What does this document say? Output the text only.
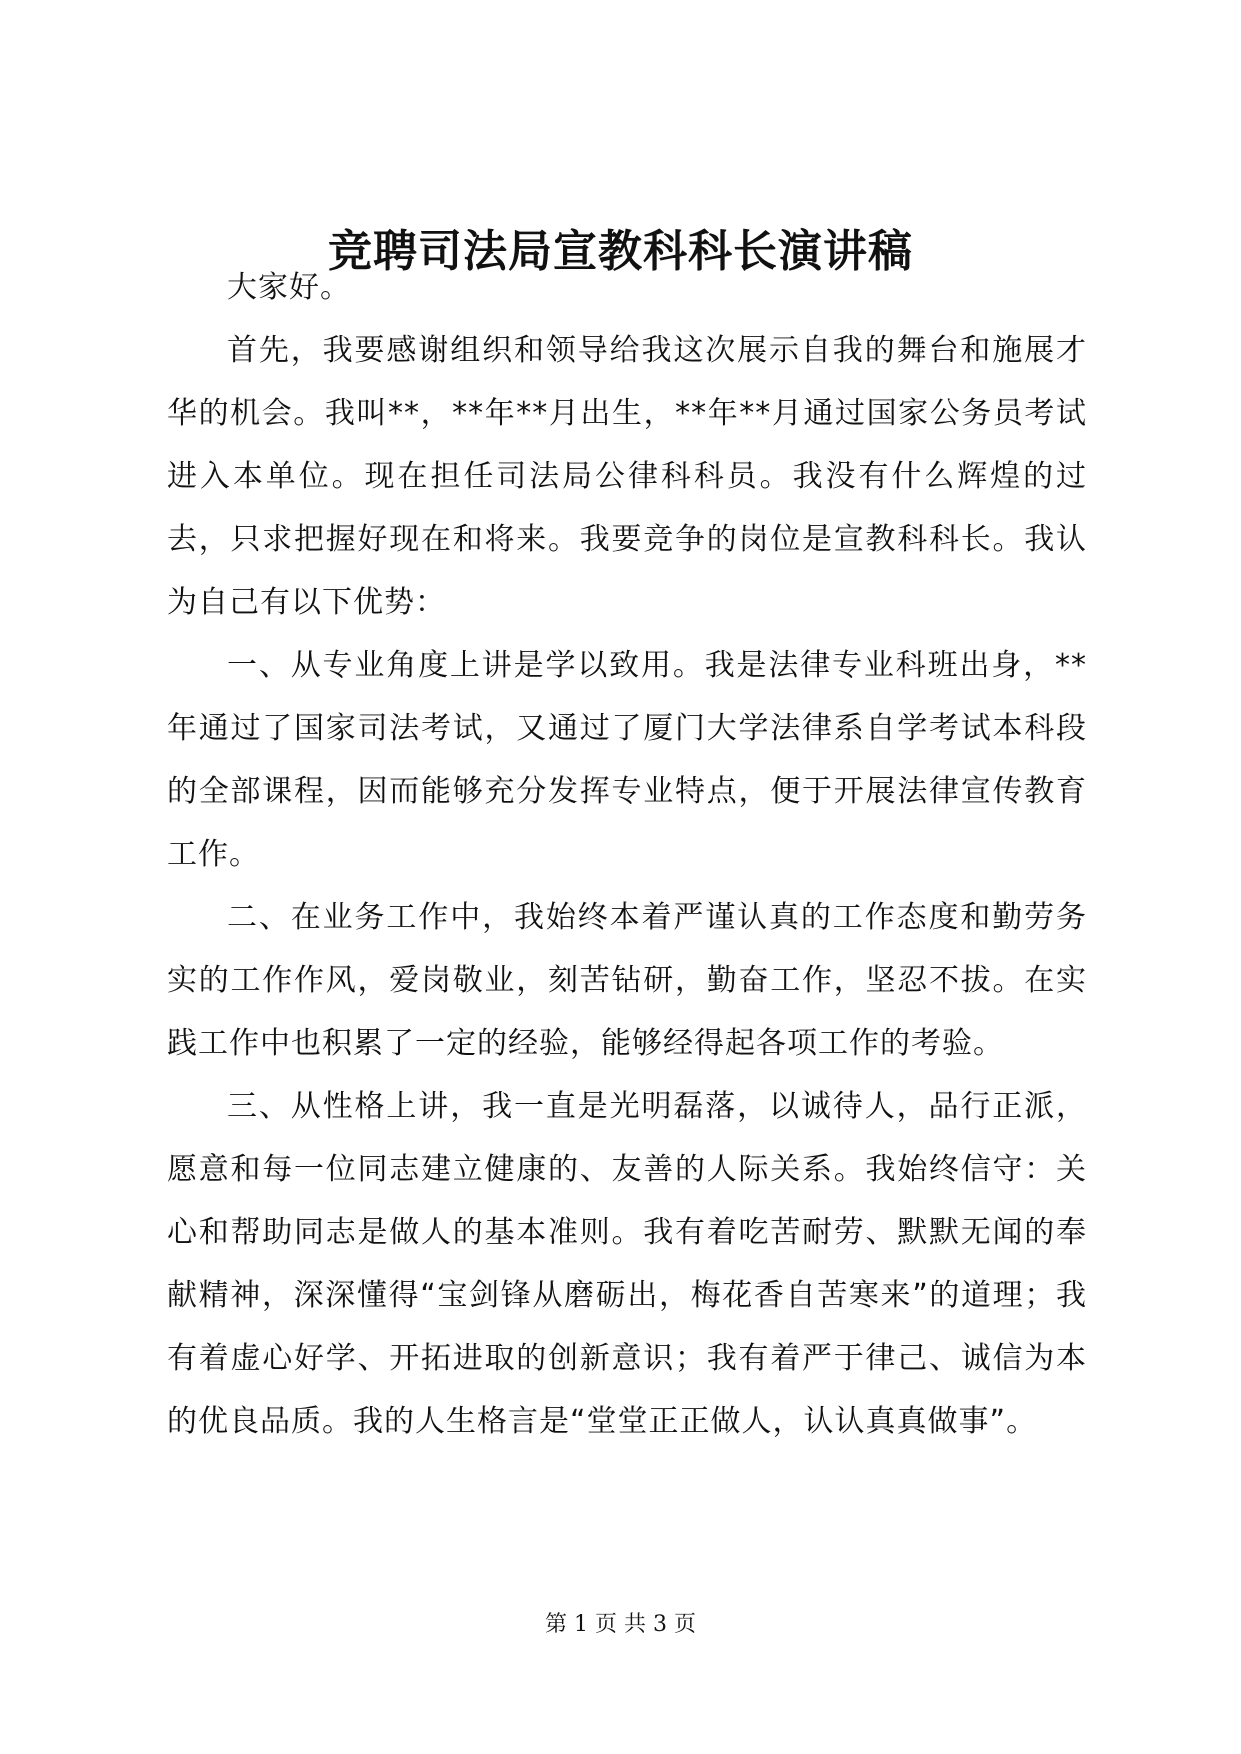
竞聘司法局宣教科科长演讲稿

大家好。

首先，我要感谢组织和领导给我这次展示自我的舞台和施展才华的机会。我叫**，**年**月出生，**年**月通过国家公务员考试进入本单位。现在担任司法局公律科科员。我没有什么辉煌的过去，只求把握好现在和将来。我要竞争的岗位是宣教科科长。我认为自己有以下优势：

一、从专业角度上讲是学以致用。我是法律专业科班出身，**年通过了国家司法考试，又通过了厦门大学法律系自学考试本科段的全部课程，因而能够充分发挥专业特点，便于开展法律宣传教育工作。

二、在业务工作中，我始终本着严谨认真的工作态度和勤劳务实的工作作风，爱岗敬业，刻苦钻研，勤奋工作，坚忍不拔。在实践工作中也积累了一定的经验，能够经得起各项工作的考验。

三、从性格上讲，我一直是光明磊落，以诚待人，品行正派，愿意和每一位同志建立健康的、友善的人际关系。我始终信守：关心和帮助同志是做人的基本准则。我有着吃苦耐劳、默默无闻的奉献精神，深深懂得“宝剑锋从磨砺出，梅花香自苦寒来”的道理；我有着虚心好学、开拓进取的创新意识；我有着严于律己、诚信为本的优良品质。我的人生格言是“堂堂正正做人，认认真真做事”。

第 1 页 共 3 页
